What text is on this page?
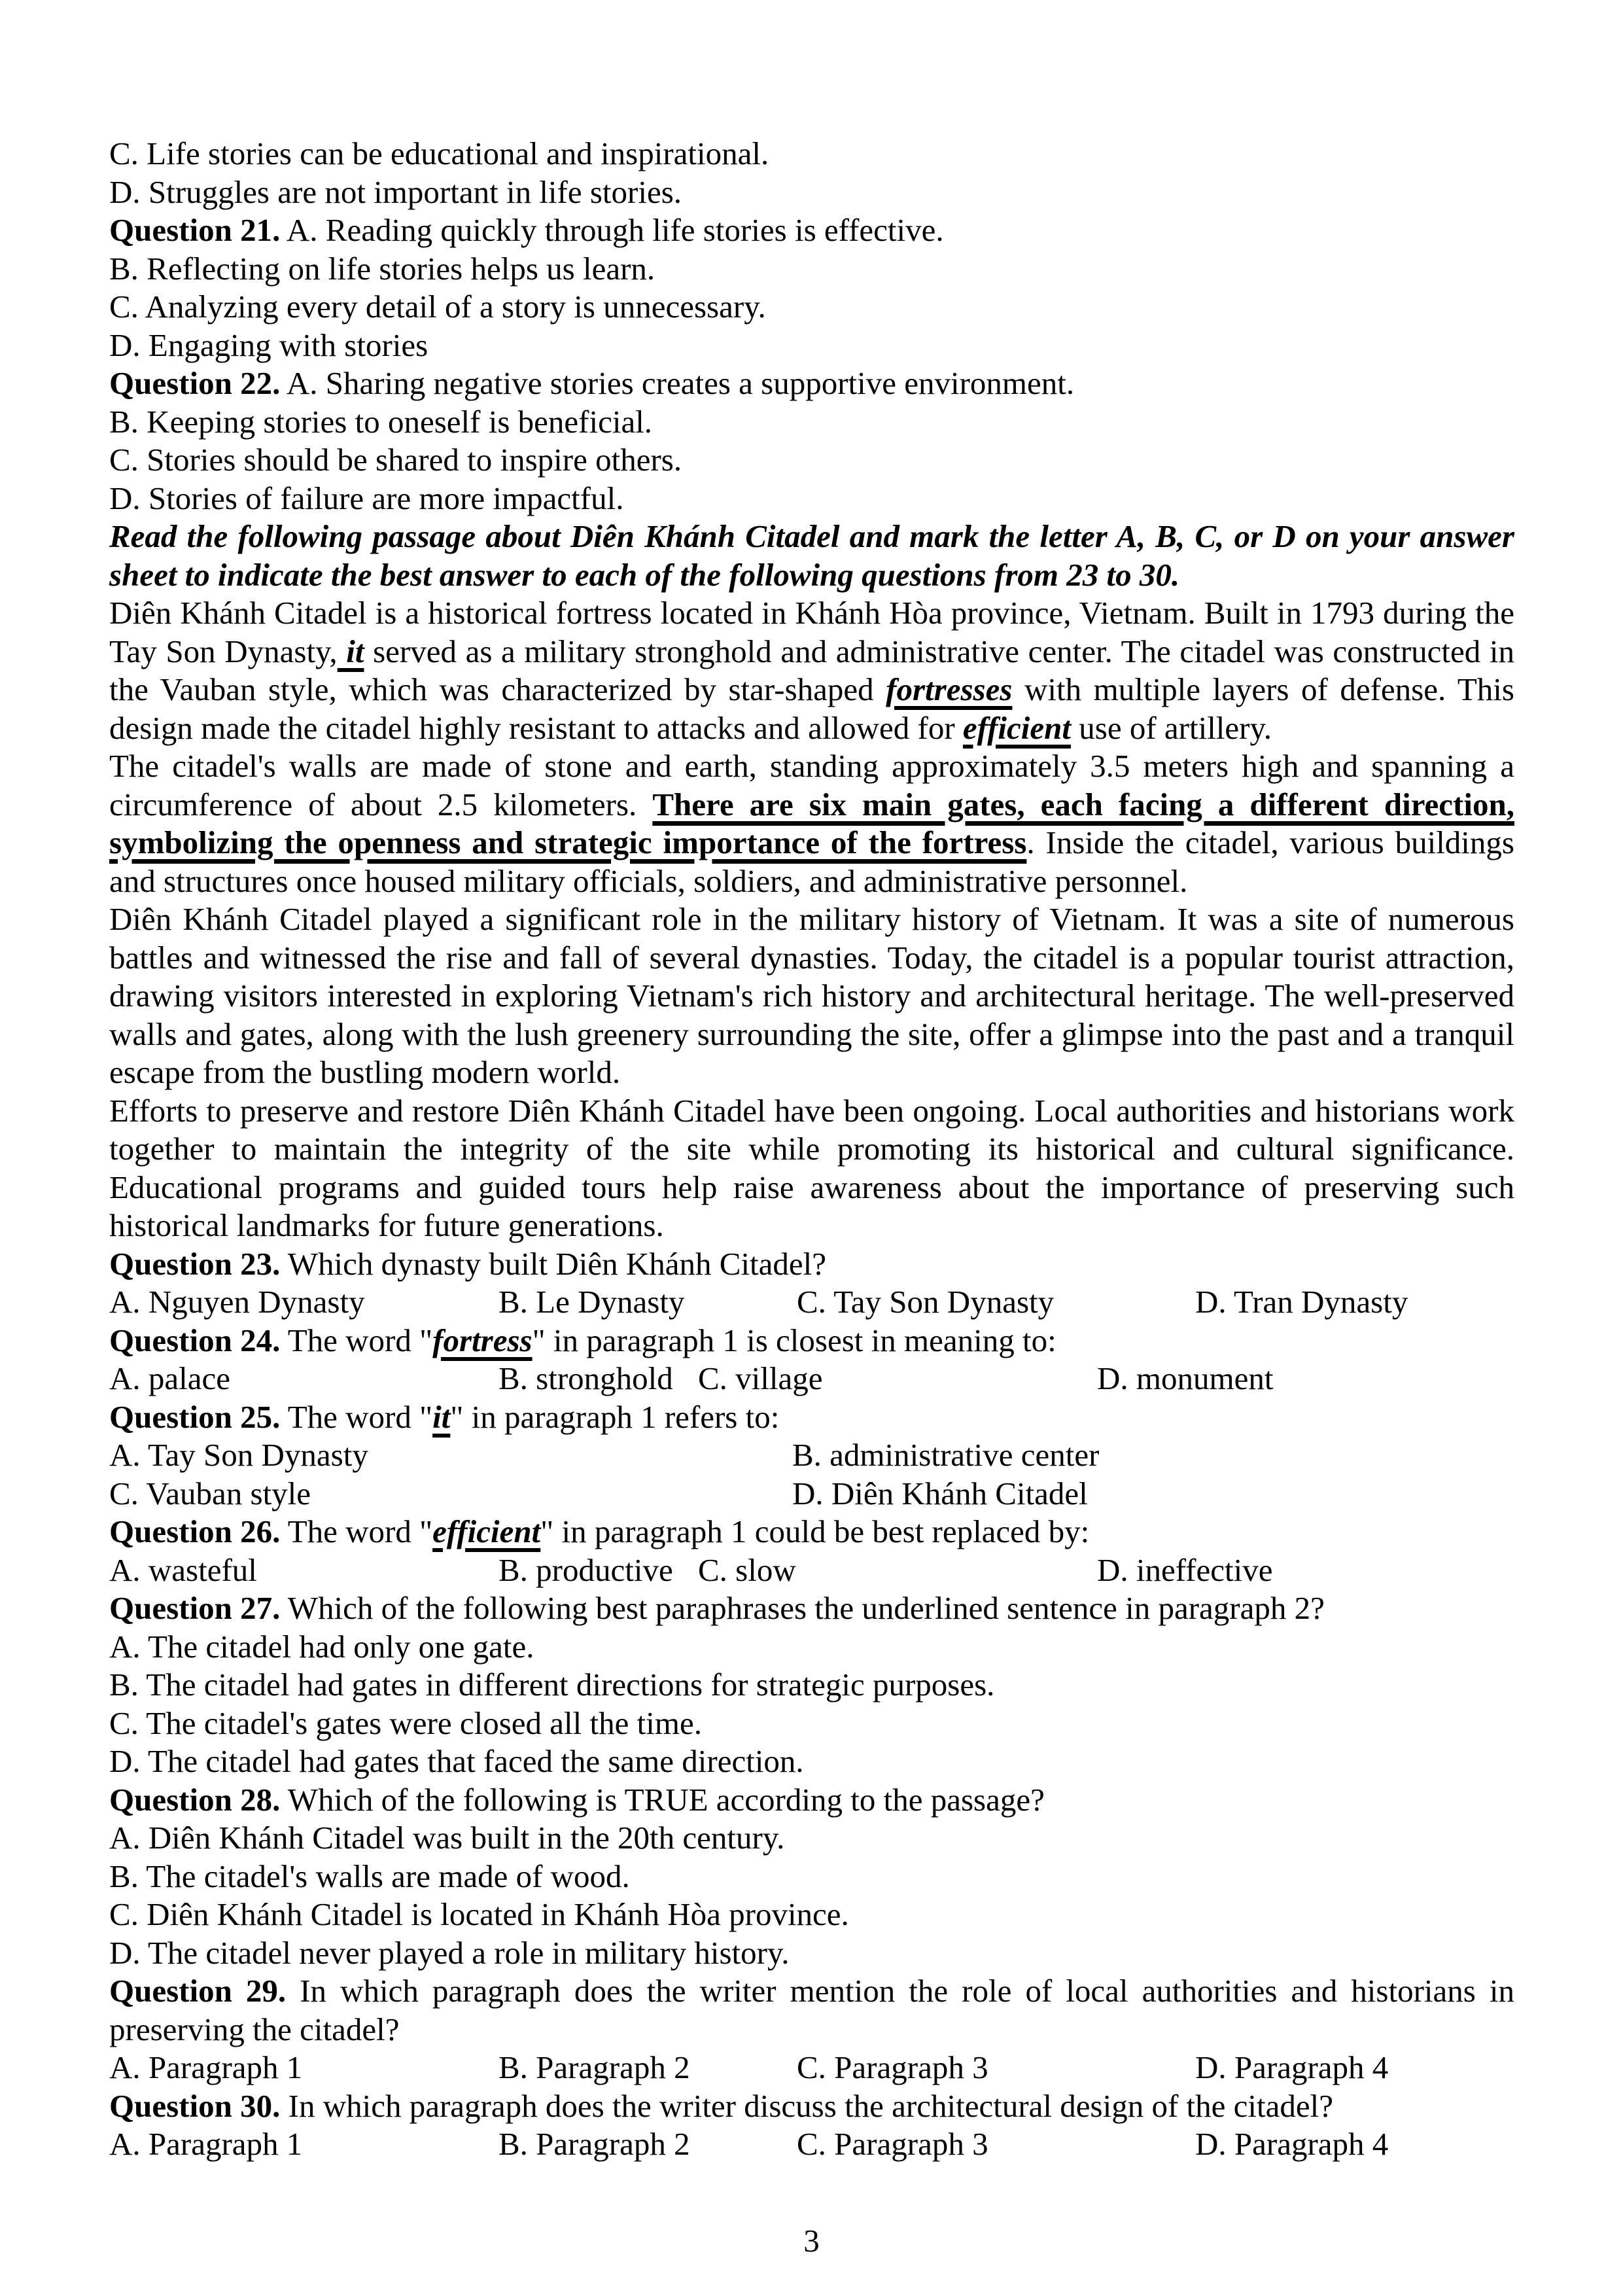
C. Life stories can be educational and inspirational.
D. Struggles are not important in life stories.
Question 21. A. Reading quickly through life stories is effective.
B. Reflecting on life stories helps us learn.
C. Analyzing every detail of a story is unnecessary.
D. Engaging with stories
Question 22. A. Sharing negative stories creates a supportive environment.
B. Keeping stories to oneself is beneficial.
C. Stories should be shared to inspire others.
D. Stories of failure are more impactful.
Read the following passage about Diên Khánh Citadel and mark the letter A, B, C, or D on your answer sheet to indicate the best answer to each of the following questions from 23 to 30.
Diên Khánh Citadel is a historical fortress located in Khánh Hòa province, Vietnam. Built in 1793 during the Tay Son Dynasty, it served as a military stronghold and administrative center. The citadel was constructed in the Vauban style, which was characterized by star-shaped fortresses with multiple layers of defense. This design made the citadel highly resistant to attacks and allowed for efficient use of artillery.
The citadel's walls are made of stone and earth, standing approximately 3.5 meters high and spanning a circumference of about 2.5 kilometers. There are six main gates, each facing a different direction, symbolizing the openness and strategic importance of the fortress. Inside the citadel, various buildings and structures once housed military officials, soldiers, and administrative personnel.
Diên Khánh Citadel played a significant role in the military history of Vietnam. It was a site of numerous battles and witnessed the rise and fall of several dynasties. Today, the citadel is a popular tourist attraction, drawing visitors interested in exploring Vietnam's rich history and architectural heritage. The well-preserved walls and gates, along with the lush greenery surrounding the site, offer a glimpse into the past and a tranquil escape from the bustling modern world.
Efforts to preserve and restore Diên Khánh Citadel have been ongoing. Local authorities and historians work together to maintain the integrity of the site while promoting its historical and cultural significance. Educational programs and guided tours help raise awareness about the importance of preserving such historical landmarks for future generations.
Question 23. Which dynasty built Diên Khánh Citadel?
A. Nguyen Dynasty	B. Le Dynasty	C. Tay Son Dynasty	D. Tran Dynasty
Question 24. The word "fortress" in paragraph 1 is closest in meaning to:
A. palace	B. stronghold C. village	D. monument
Question 25. The word "it" in paragraph 1 refers to:
A. Tay Son Dynasty	B. administrative center
C. Vauban style	D. Diên Khánh Citadel
Question 26. The word "efficient" in paragraph 1 could be best replaced by:
A. wasteful	B. productive C. slow	D. ineffective
Question 27. Which of the following best paraphrases the underlined sentence in paragraph 2?
A. The citadel had only one gate.
B. The citadel had gates in different directions for strategic purposes.
C. The citadel's gates were closed all the time.
D. The citadel had gates that faced the same direction.
Question 28. Which of the following is TRUE according to the passage?
A. Diên Khánh Citadel was built in the 20th century.
B. The citadel's walls are made of wood.
C. Diên Khánh Citadel is located in Khánh Hòa province.
D. The citadel never played a role in military history.
Question 29. In which paragraph does the writer mention the role of local authorities and historians in preserving the citadel?
A. Paragraph 1	B. Paragraph 2	C. Paragraph 3	D. Paragraph 4
Question 30. In which paragraph does the writer discuss the architectural design of the citadel?
A. Paragraph 1	B. Paragraph 2	C. Paragraph 3	D. Paragraph 4
3
